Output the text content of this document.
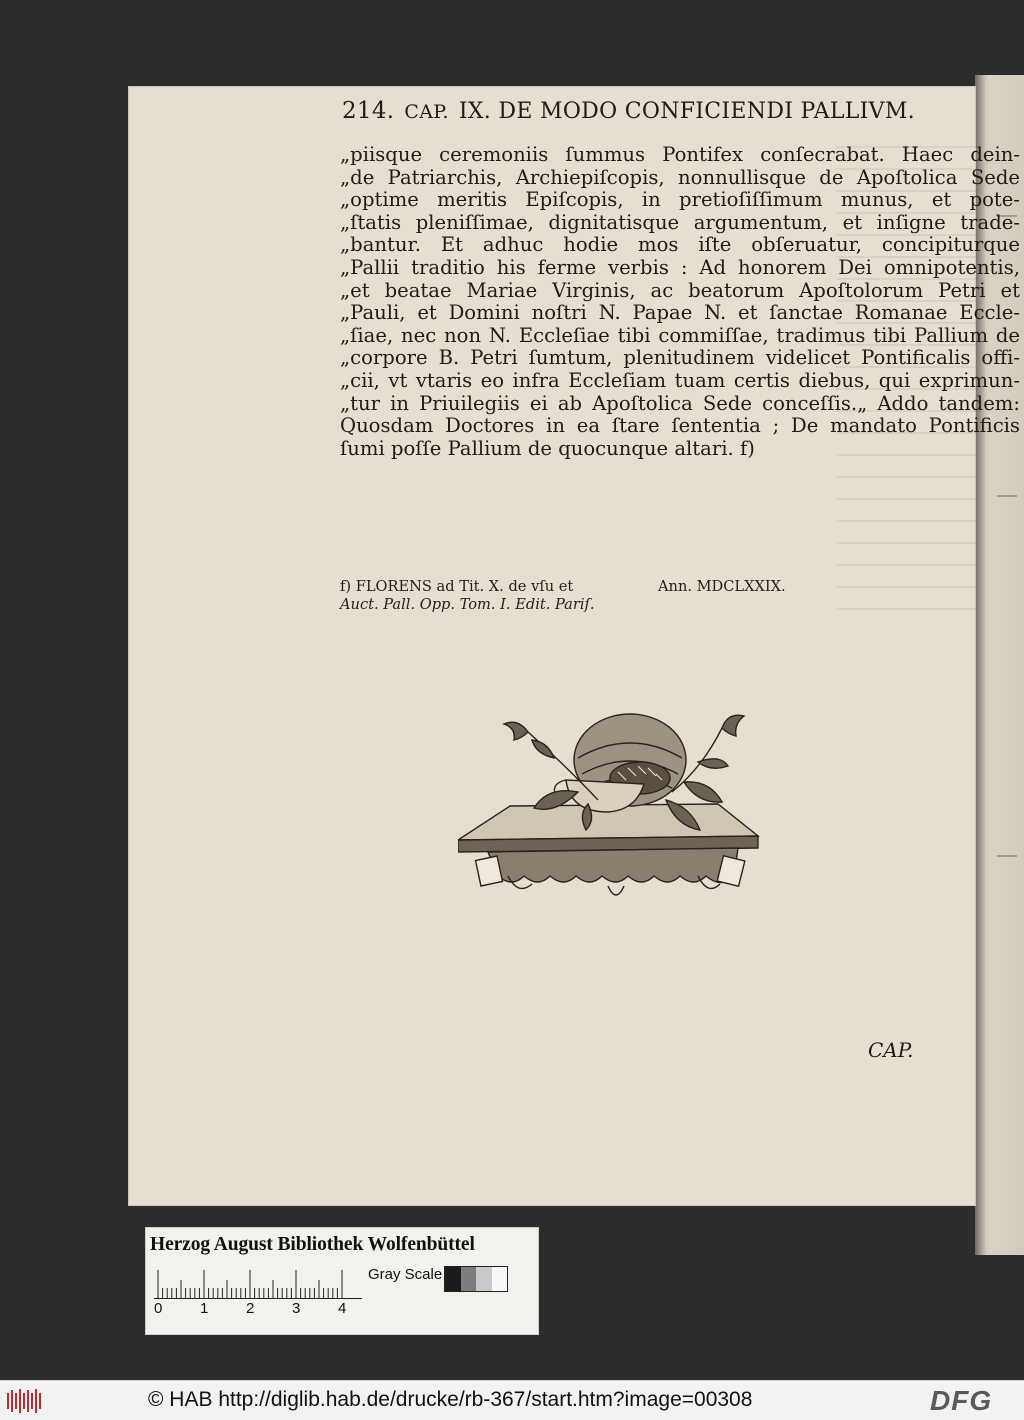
214. CAP. IX. DE MODO CONFICIENDI PALLIVM.
„piisque ceremoniis ſummus Pontifex conſecrabat. Haec dein-
„de Patriarchis, Archiepiſcopis, nonnullisque de Apoſtolica Sede
„optime meritis Epiſcopis, in pretioſiſſimum munus, et pote-
„ſtatis pleniſſimae, dignitatisque argumentum, et inſigne trade-
„bantur. Et adhuc hodie mos iſte obſeruatur, concipiturque
„Pallii traditio his ferme verbis : Ad honorem Dei omnipotentis,
„et beatae Mariae Virginis, ac beatorum Apoſtolorum Petri et
„Pauli, et Domini noſtri N. Papae N. et ſanctae Romanae Eccle-
„ſiae, nec non N. Eccleſiae tibi commiſſae, tradimus tibi Pallium de
„corpore B. Petri ſumtum, plenitudinem videlicet Pontificalis offi-
„cii, vt vtaris eo infra Eccleſiam tuam certis diebus, qui exprimun-
„tur in Priuilegiis ei ab Apoſtolica Sede conceſſis.„ Addo tandem:
Quosdam Doctores in ea ſtare ſententia ; De mandato Pontificis
ſumi poſſe Pallium de quocunque altari. f)
f) FLORENS ad Tit. X. de vſu et
Auct. Pall. Opp. Tom. I. Edit. Pariſ.
Ann. MDCLXXIX.
CAP.
Herzog August Bibliothek Wolfenbüttel
Gray Scale
0	1	2	3	4
© HAB http://diglib.hab.de/drucke/rb-367/start.htm?image=00308	DFG
